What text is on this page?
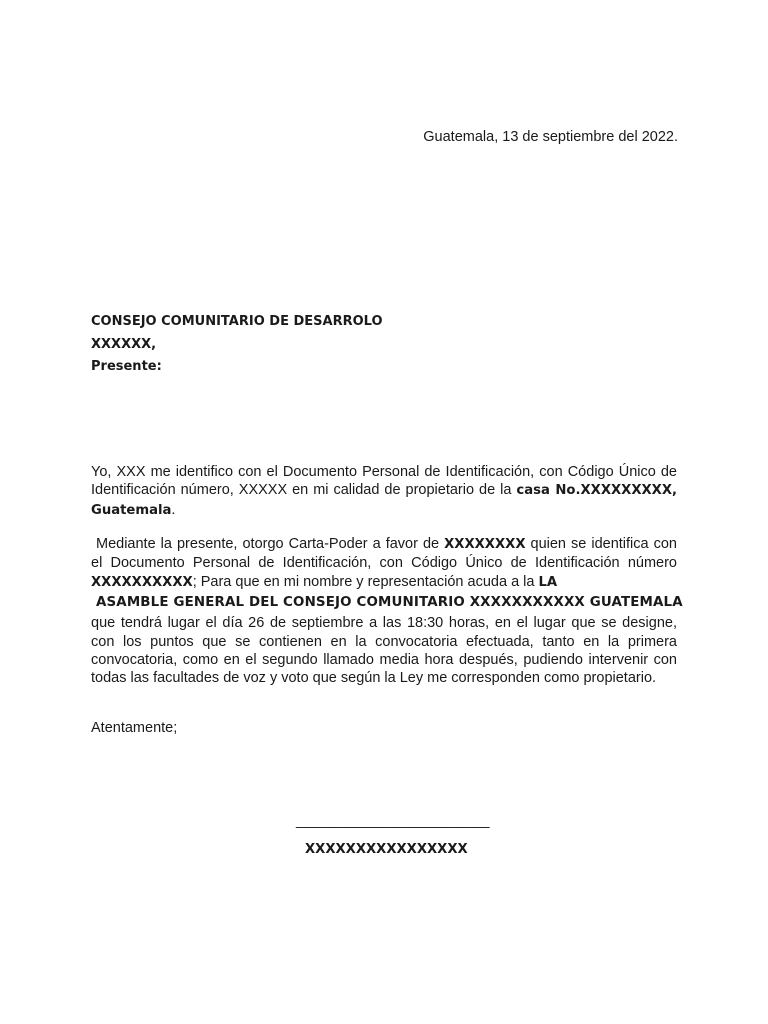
Guatemala, 13 de septiembre del 2022.
CONSEJO COMUNITARIO DE DESARROLO
XXXXXX,
Presente:
Yo, XXX me identifico con el Documento Personal de Identificación, con Código Único de Identificación número, XXXXX en mi calidad de propietario de la casa No.XXXXXXXXX, Guatemala.
Mediante la presente, otorgo Carta-Poder a favor de XXXXXXXX quien se identifica con el Documento Personal de Identificación, con Código Único de Identificación número XXXXXXXXXX; Para que en mi nombre y representación acuda a la LA
ASAMBLE GENERAL DEL CONSEJO COMUNITARIO XXXXXXXXXXX GUATEMALA
que tendrá lugar el día 26 de septiembre a las 18:30 horas, en el lugar que se designe, con los puntos que se contienen en la convocatoria efectuada, tanto en la primera convocatoria, como en el segundo llamado media hora después, pudiendo intervenir con todas las facultades de voz y voto que según la Ley me corresponden como propietario.
Atentamente;
________________________
XXXXXXXXXXXXXXXX
